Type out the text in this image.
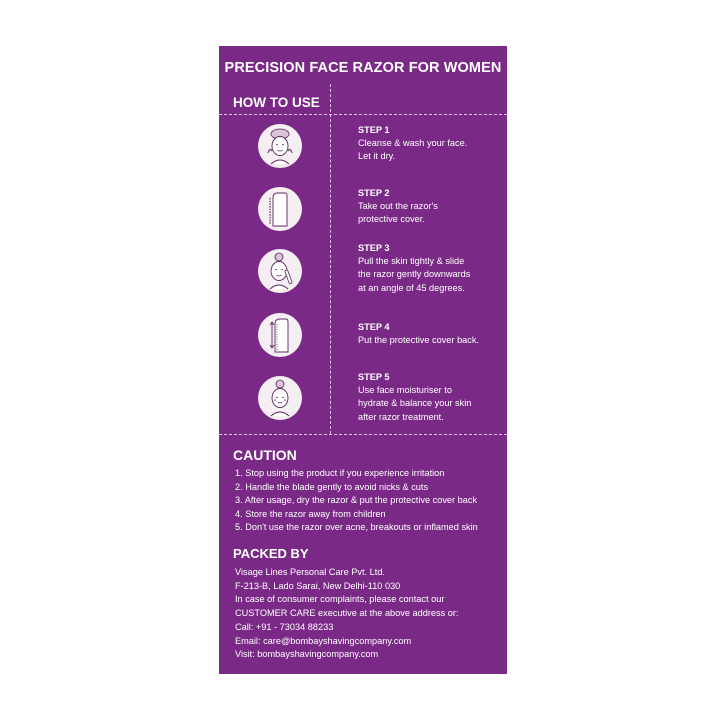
PRECISION FACE RAZOR FOR WOMEN
HOW TO USE
STEP 1
Cleanse & wash your face.
Let it dry.
STEP 2
Take out the razor's
protective cover.
STEP 3
Pull the skin tightly & slide
the razor gently downwards
at an angle of 45 degrees.
STEP 4
Put the protective cover back.
STEP 5
Use face moisturiser to
hydrate & balance your skin
after razor treatment.
CAUTION
1. Stop using the product if you experience irritation
2. Handle the blade gently to avoid nicks & cuts
3. After usage, dry the razor & put the protective cover back
4. Store the razor away from children
5. Don't use the razor over acne, breakouts or inflamed skin
PACKED BY
Visage Lines Personal Care Pvt. Ltd.
F-213-B, Lado Sarai, New Delhi-110 030
In case of consumer complaints, please contact our
CUSTOMER CARE executive at the above address or:
Call: +91 - 73034 88233
Email: care@bombayshavingcompany.com
Visit: bombayshavingcompany.com
